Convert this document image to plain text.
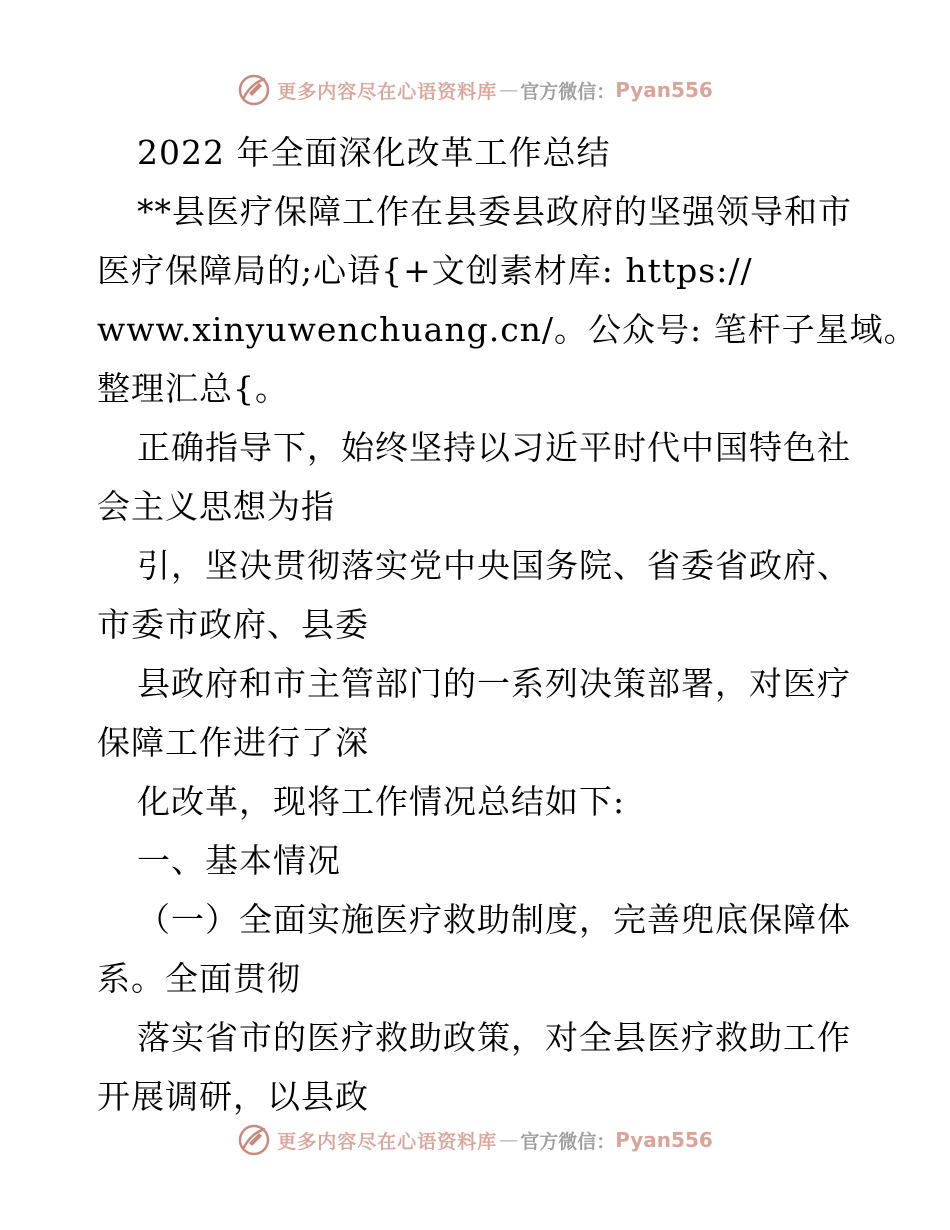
更多内容尽在心语资料库 — 官方微信： Pyan556
2022 年全面深化改革工作总结
**县医疗保障工作在县委县政府的坚强领导和市
医疗保障局的;心语{+文创素材库: https://
www.xinyuwenchuang.cn/。公众号: 笔杆子星域。
整理汇总{。
正确指导下，始终坚持以习近平时代中国特色社
会主义思想为指
引，坚决贯彻落实党中央国务院、省委省政府、
市委市政府、县委
县政府和市主管部门的一系列决策部署，对医疗
保障工作进行了深
化改革，现将工作情况总结如下:
一、基本情况
（一）全面实施医疗救助制度，完善兜底保障体
系。全面贯彻
落实省市的医疗救助政策，对全县医疗救助工作
开展调研，以县政
更多内容尽在心语资料库 — 官方微信： Pyan556
